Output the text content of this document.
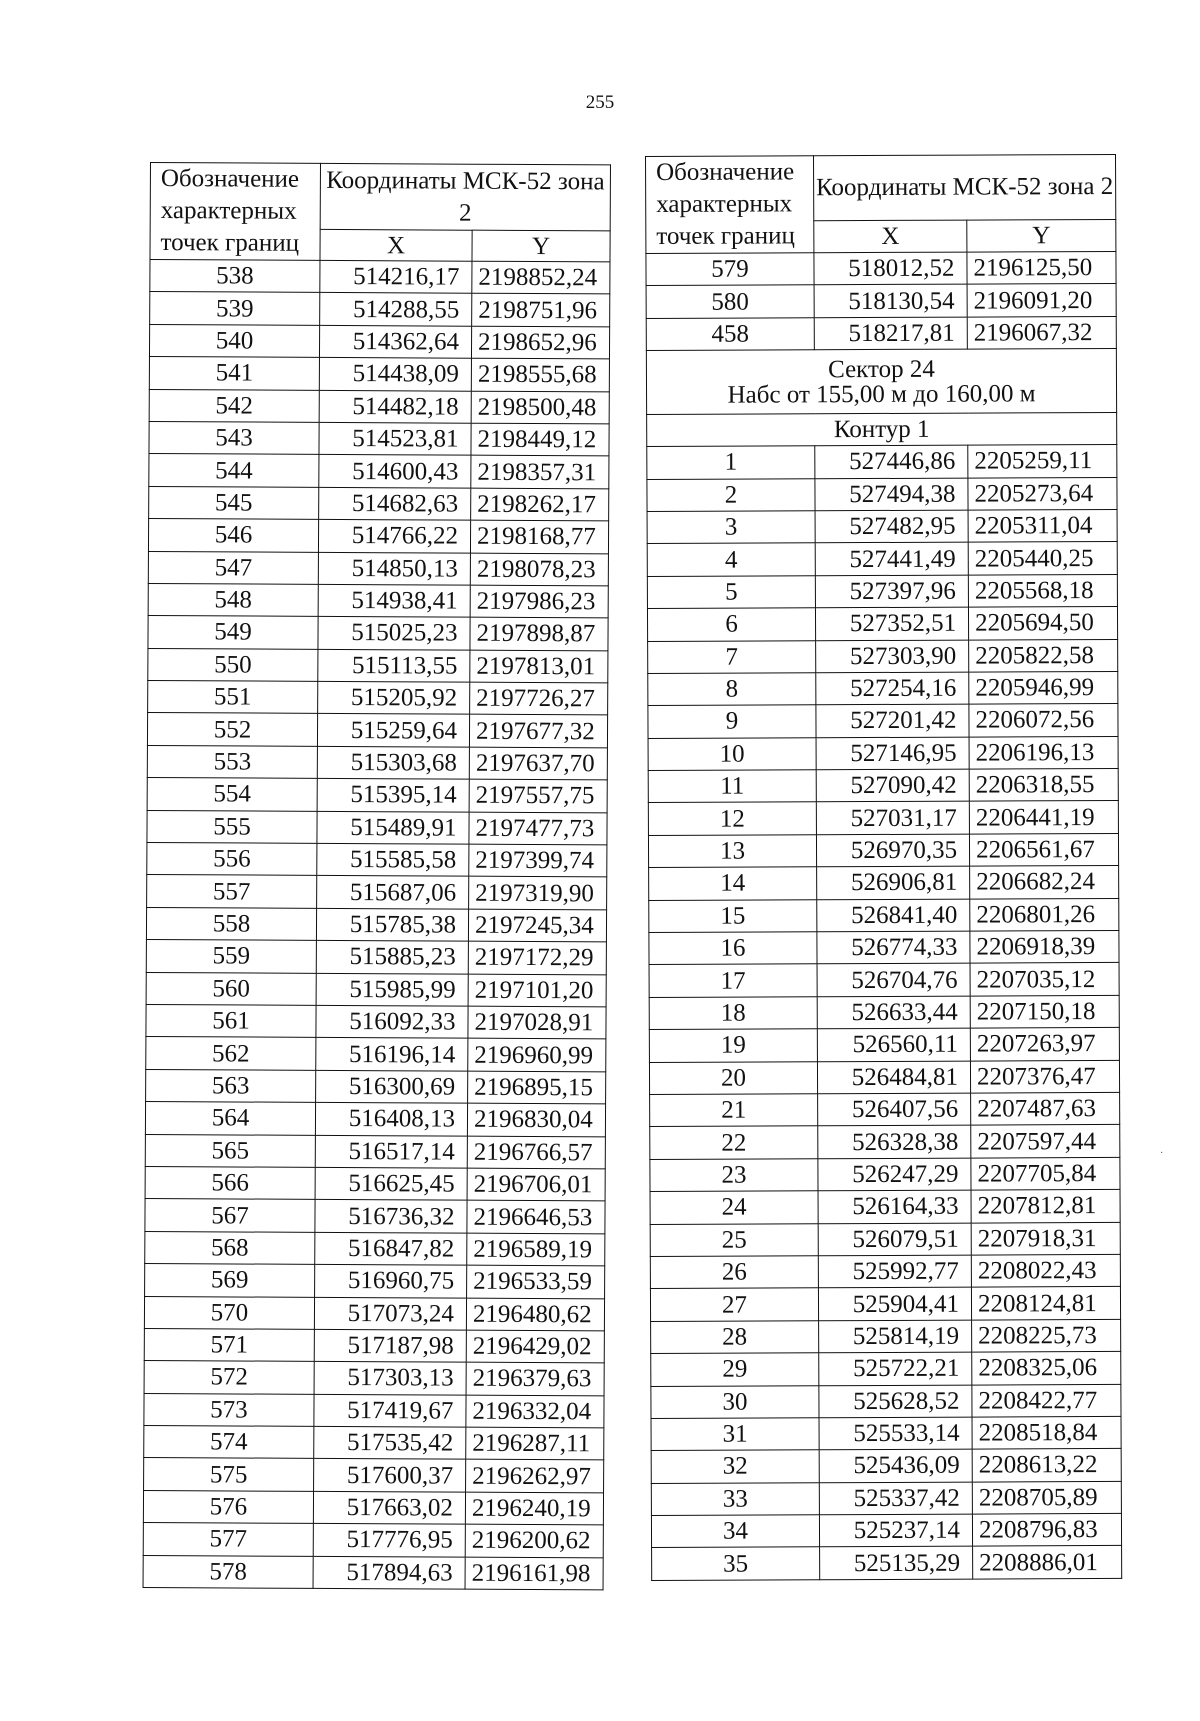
255
Обозначение характерных точек границ	Координаты МСК-52 зона 2	
	X	Y
538	514216,17	2198852,24
539	514288,55	2198751,96
540	514362,64	2198652,96
541	514438,09	2198555,68
542	514482,18	2198500,48
543	514523,81	2198449,12
544	514600,43	2198357,31
545	514682,63	2198262,17
546	514766,22	2198168,77
547	514850,13	2198078,23
548	514938,41	2197986,23
549	515025,23	2197898,87
550	515113,55	2197813,01
551	515205,92	2197726,27
552	515259,64	2197677,32
553	515303,68	2197637,70
554	515395,14	2197557,75
555	515489,91	2197477,73
556	515585,58	2197399,74
557	515687,06	2197319,90
558	515785,38	2197245,34
559	515885,23	2197172,29
560	515985,99	2197101,20
561	516092,33	2197028,91
562	516196,14	2196960,99
563	516300,69	2196895,15
564	516408,13	2196830,04
565	516517,14	2196766,57
566	516625,45	2196706,01
567	516736,32	2196646,53
568	516847,82	2196589,19
569	516960,75	2196533,59
570	517073,24	2196480,62
571	517187,98	2196429,02
572	517303,13	2196379,63
573	517419,67	2196332,04
574	517535,42	2196287,11
575	517600,37	2196262,97
576	517663,02	2196240,19
577	517776,95	2196200,62
578	517894,63	2196161,98
Обозначение характерных точек границ	Координаты МСК-52 зона 2	
	X	Y
579	518012,52	2196125,50
580	518130,54	2196091,20
458	518217,81	2196067,32

Сектор 24
Набс от 155,00 м до 160,00 м		

Контур 1		
1	527446,86	2205259,11
2	527494,38	2205273,64
3	527482,95	2205311,04
4	527441,49	2205440,25
5	527397,96	2205568,18
6	527352,51	2205694,50
7	527303,90	2205822,58
8	527254,16	2205946,99
9	527201,42	2206072,56
10	527146,95	2206196,13
11	527090,42	2206318,55
12	527031,17	2206441,19
13	526970,35	2206561,67
14	526906,81	2206682,24
15	526841,40	2206801,26
16	526774,33	2206918,39
17	526704,76	2207035,12
18	526633,44	2207150,18
19	526560,11	2207263,97
20	526484,81	2207376,47
21	526407,56	2207487,63
22	526328,38	2207597,44
23	526247,29	2207705,84
24	526164,33	2207812,81
25	526079,51	2207918,31
26	525992,77	2208022,43
27	525904,41	2208124,81
28	525814,19	2208225,73
29	525722,21	2208325,06
30	525628,52	2208422,77
31	525533,14	2208518,84
32	525436,09	2208613,22
33	525337,42	2208705,89
34	525237,14	2208796,83
35	525135,29	2208886,01
·
